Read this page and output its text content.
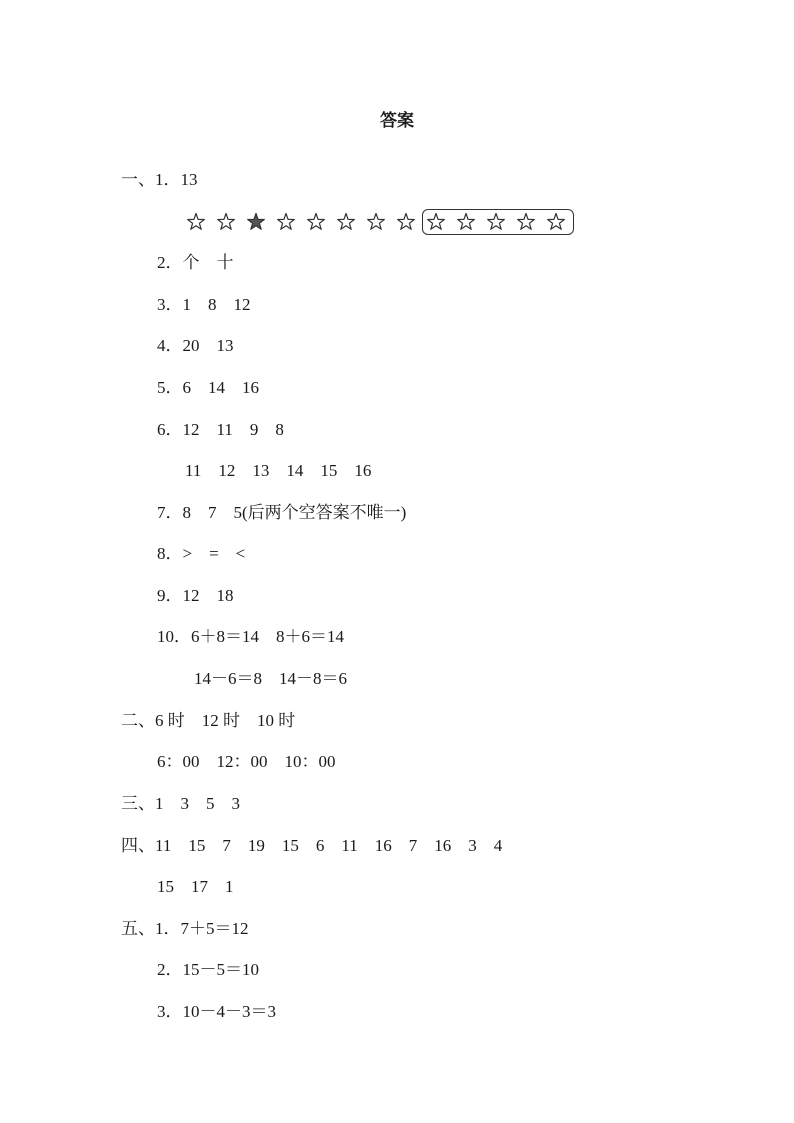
答案
一、1．13
2．个　十
3．1　8　12
4．20　13
5．6　14　16
6．12　11　9　8
11　12　13　14　15　16
7．8　7　5(后两个空答案不唯一)
8．>　=　<
9．12　18
10．6＋8＝14　8＋6＝14
14－6＝8　14－8＝6
二、6 时　12 时　10 时
6：00　12：00　10：00
三、1　3　5　3
四、11　15　7　19　15　6　11　16　7　16　3　4
15　17　1
五、1．7＋5＝12
2．15－5＝10
3．10－4－3＝3
